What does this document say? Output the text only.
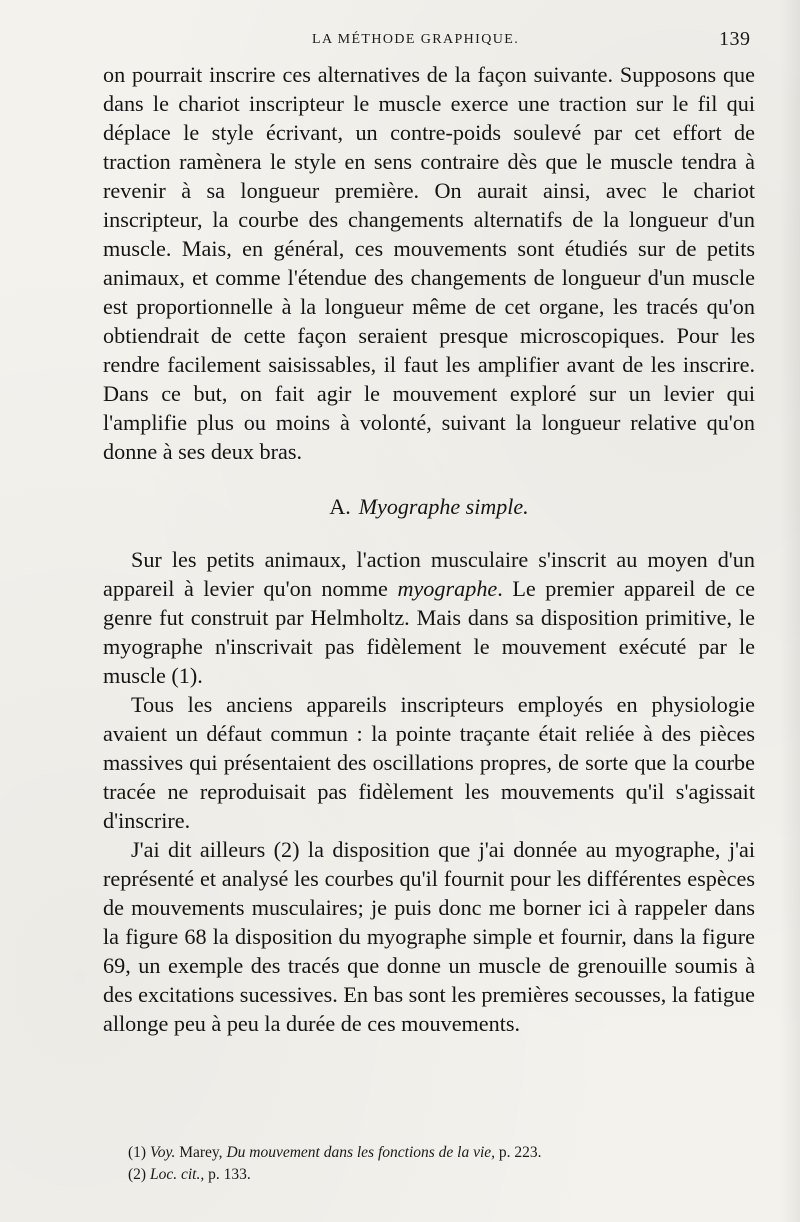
LA MÉTHODE GRAPHIQUE.	139

on pourrait inscrire ces alternatives de la façon suivante. Supposons que dans le chariot inscripteur le muscle exerce une traction sur le fil qui déplace le style écrivant, un contre-poids soulevé par cet effort de traction ramènera le style en sens contraire dès que le muscle tendra à revenir à sa longueur première. On aurait ainsi, avec le chariot inscripteur, la courbe des changements alternatifs de la longueur d'un muscle. Mais, en général, ces mouvements sont étudiés sur de petits animaux, et comme l'étendue des changements de longueur d'un muscle est proportionnelle à la longueur même de cet organe, les tracés qu'on obtiendrait de cette façon seraient presque microscopiques. Pour les rendre facilement saisissables, il faut les amplifier avant de les inscrire. Dans ce but, on fait agir le mouvement exploré sur un levier qui l'amplifie plus ou moins à volonté, suivant la longueur relative qu'on donne à ses deux bras.

A. Myographe simple.

Sur les petits animaux, l'action musculaire s'inscrit au moyen d'un appareil à levier qu'on nomme myographe. Le premier appareil de ce genre fut construit par Helmholtz. Mais dans sa disposition primitive, le myographe n'inscrivait pas fidèlement le mouvement exécuté par le muscle (1).

Tous les anciens appareils inscripteurs employés en physiologie avaient un défaut commun : la pointe traçante était reliée à des pièces massives qui présentaient des oscillations propres, de sorte que la courbe tracée ne reproduisait pas fidèlement les mouvements qu'il s'agissait d'inscrire.

J'ai dit ailleurs (2) la disposition que j'ai donnée au myographe, j'ai représenté et analysé les courbes qu'il fournit pour les différentes espèces de mouvements musculaires; je puis donc me borner ici à rappeler dans la figure 68 la disposition du myographe simple et fournir, dans la figure 69, un exemple des tracés que donne un muscle de grenouille soumis à des excitations sucessives. En bas sont les premières secousses, la fatigue allonge peu à peu la durée de ces mouvements.

(1) Voy. Marey, Du mouvement dans les fonctions de la vie, p. 223.

(2) Loc. cit., p. 133.
